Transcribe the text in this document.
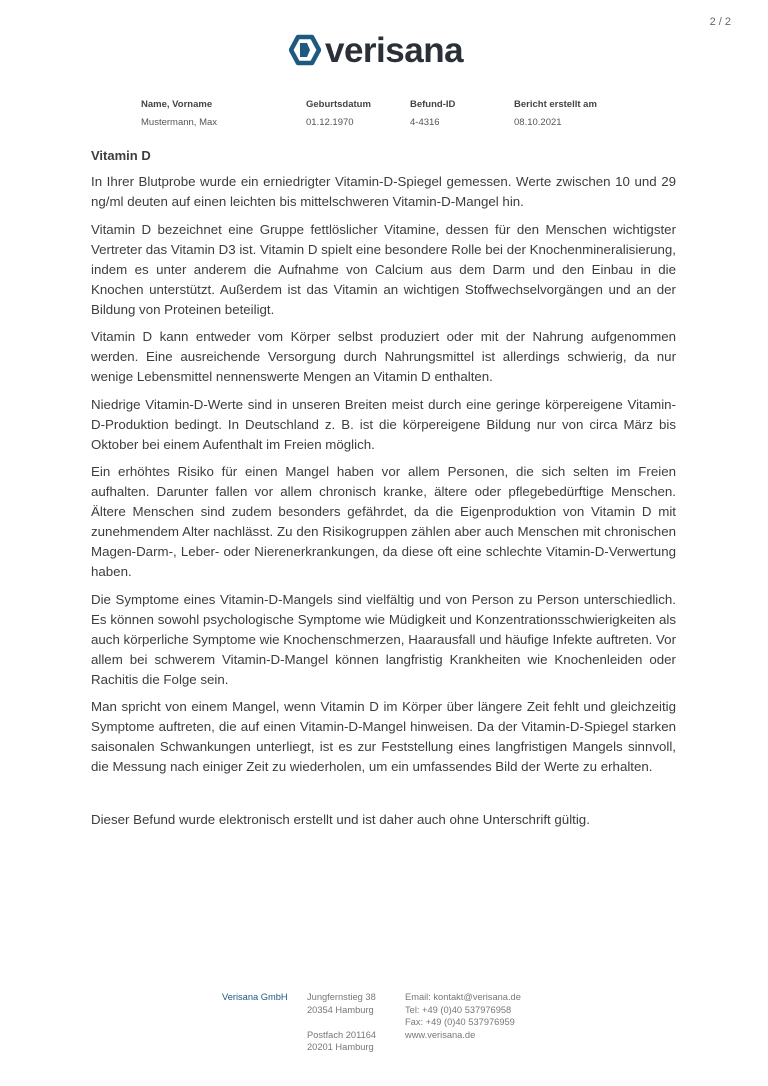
2 / 2
verisana
Name, Vorname
Mustermann, Max
Geburtsdatum
01.12.1970
Befund-ID
4-4316
Bericht erstellt am
08.10.2021
Vitamin D

In Ihrer Blutprobe wurde ein erniedrigter Vitamin-D-Spiegel gemessen. Werte zwischen 10 und 29 ng/ml deuten auf einen leichten bis mittelschweren Vitamin-D-Mangel hin.

Vitamin D bezeichnet eine Gruppe fettlöslicher Vitamine, dessen für den Menschen wichtigster Vertreter das Vitamin D3 ist. Vitamin D spielt eine besondere Rolle bei der Knochenmineralisierung, indem es unter anderem die Aufnahme von Calcium aus dem Darm und den Einbau in die Knochen unterstützt. Außerdem ist das Vitamin an wichtigen Stoffwechselvorgängen und an der Bildung von Proteinen beteiligt.

Vitamin D kann entweder vom Körper selbst produziert oder mit der Nahrung aufgenommen werden. Eine ausreichende Versorgung durch Nahrungsmittel ist allerdings schwierig, da nur wenige Lebensmittel nennenswerte Mengen an Vitamin D enthalten.

Niedrige Vitamin-D-Werte sind in unseren Breiten meist durch eine geringe körpereigene Vitamin-D-Produktion bedingt. In Deutschland z. B. ist die körpereigene Bildung nur von circa März bis Oktober bei einem Aufenthalt im Freien möglich.

Ein erhöhtes Risiko für einen Mangel haben vor allem Personen, die sich selten im Freien aufhalten. Darunter fallen vor allem chronisch kranke, ältere oder pflegebedürftige Menschen. Ältere Menschen sind zudem besonders gefährdet, da die Eigenproduktion von Vitamin D mit zunehmendem Alter nachlässt. Zu den Risikogruppen zählen aber auch Menschen mit chronischen Magen-Darm-, Leber- oder Nierenerkrankungen, da diese oft eine schlechte Vitamin-D-Verwertung haben.

Die Symptome eines Vitamin-D-Mangels sind vielfältig und von Person zu Person unterschiedlich. Es können sowohl psychologische Symptome wie Müdigkeit und Konzentrationsschwierigkeiten als auch körperliche Symptome wie Knochenschmerzen, Haarausfall und häufige Infekte auftreten. Vor allem bei schwerem Vitamin-D-Mangel können langfristig Krankheiten wie Knochenleiden oder Rachitis die Folge sein.

Man spricht von einem Mangel, wenn Vitamin D im Körper über längere Zeit fehlt und gleichzeitig Symptome auftreten, die auf einen Vitamin-D-Mangel hinweisen. Da der Vitamin-D-Spiegel starken saisonalen Schwankungen unterliegt, ist es zur Feststellung eines langfristigen Mangels sinnvoll, die Messung nach einiger Zeit zu wiederholen, um ein umfassendes Bild der Werte zu erhalten.

Dieser Befund wurde elektronisch erstellt und ist daher auch ohne Unterschrift gültig.

Verisana GmbH Jungfernstieg 38
20354 Hamburg
Postfach 201164
20201 Hamburg
Email: kontakt@verisana.de
Tel: +49 (0)40 537976958
Fax: +49 (0)40 537976959
www.verisana.de
